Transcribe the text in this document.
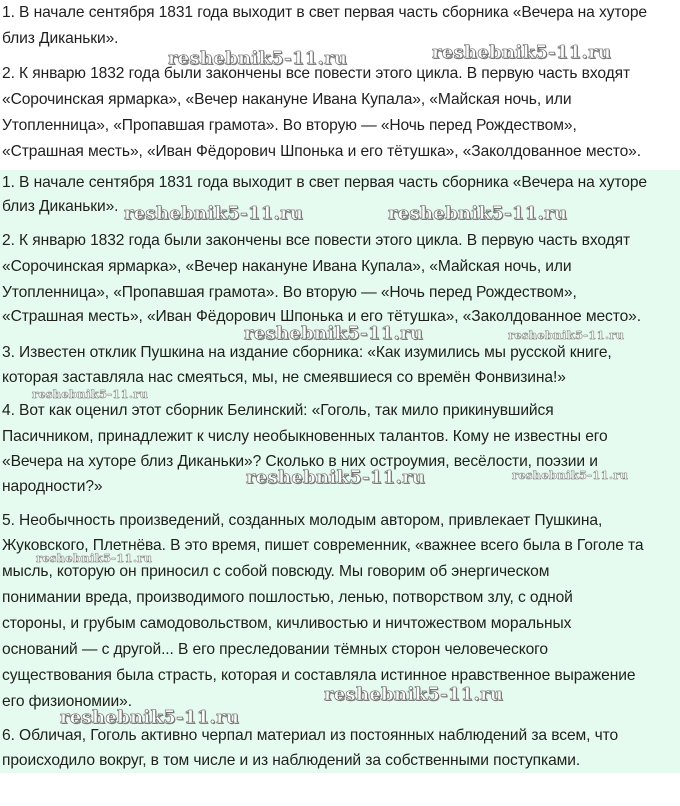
1. В начале сентября 1831 года выходит в свет первая часть сборника «Вечера на хуторе
близ Диканьки».
2. К январю 1832 года были закончены все повести этого цикла. В первую часть входят
«Сорочинская ярмарка», «Вечер накануне Ивана Купала», «Майская ночь, или
Утопленница», «Пропавшая грамота». Во вторую — «Ночь перед Рождеством»,
«Страшная месть», «Иван Фёдорович Шпонька и его тётушка», «Заколдованное место».
1. В начале сентября 1831 года выходит в свет первая часть сборника «Вечера на хуторе
близ Диканьки».
2. К январю 1832 года были закончены все повести этого цикла. В первую часть входят
«Сорочинская ярмарка», «Вечер накануне Ивана Купала», «Майская ночь, или
Утопленница», «Пропавшая грамота». Во вторую — «Ночь перед Рождеством»,
«Страшная месть», «Иван Фёдорович Шпонька и его тётушка», «Заколдованное место».
3. Известен отклик Пушкина на издание сборника: «Как изумились мы русской книге,
которая заставляла нас смеяться, мы, не смеявшиеся со времён Фонвизина!»
4. Вот как оценил этот сборник Белинский: «Гоголь, так мило прикинувшийся
Пасичником, принадлежит к числу необыкновенных талантов. Кому не известны его
«Вечера на хуторе близ Диканьки»? Сколько в них остроумия, весёлости, поэзии и
народности?»
5. Необычность произведений, созданных молодым автором, привлекает Пушкина,
Жуковского, Плетнёва. В это время, пишет современник, «важнее всего была в Гоголе та
мысль, которую он приносил с собой повсюду. Мы говорим об энергическом
понимании вреда, производимого пошлостью, ленью, потворством злу, с одной
стороны, и грубым самодовольством, кичливостью и ничтожеством моральных
оснований — с другой... В его преследовании тёмных сторон человеческого
существования была страсть, которая и составляла истинное нравственное выражение
его физиономии».
6. Обличая, Гоголь активно черпал материал из постоянных наблюдений за всем, что
происходило вокруг, в том числе и из наблюдений за собственными поступками.
reshebnik5-11.ru	reshebnik5-11.ru
reshebnik5-11.ru	reshebnik5-11.ru
reshebnik5-11.ru	reshebnik5-11.ru
reshebnik5-11.ru
reshebnik5-11.ru	reshebnik5-11.ru
reshebnik5-11.ru
reshebnik5-11.ru
reshebnik5-11.ru
